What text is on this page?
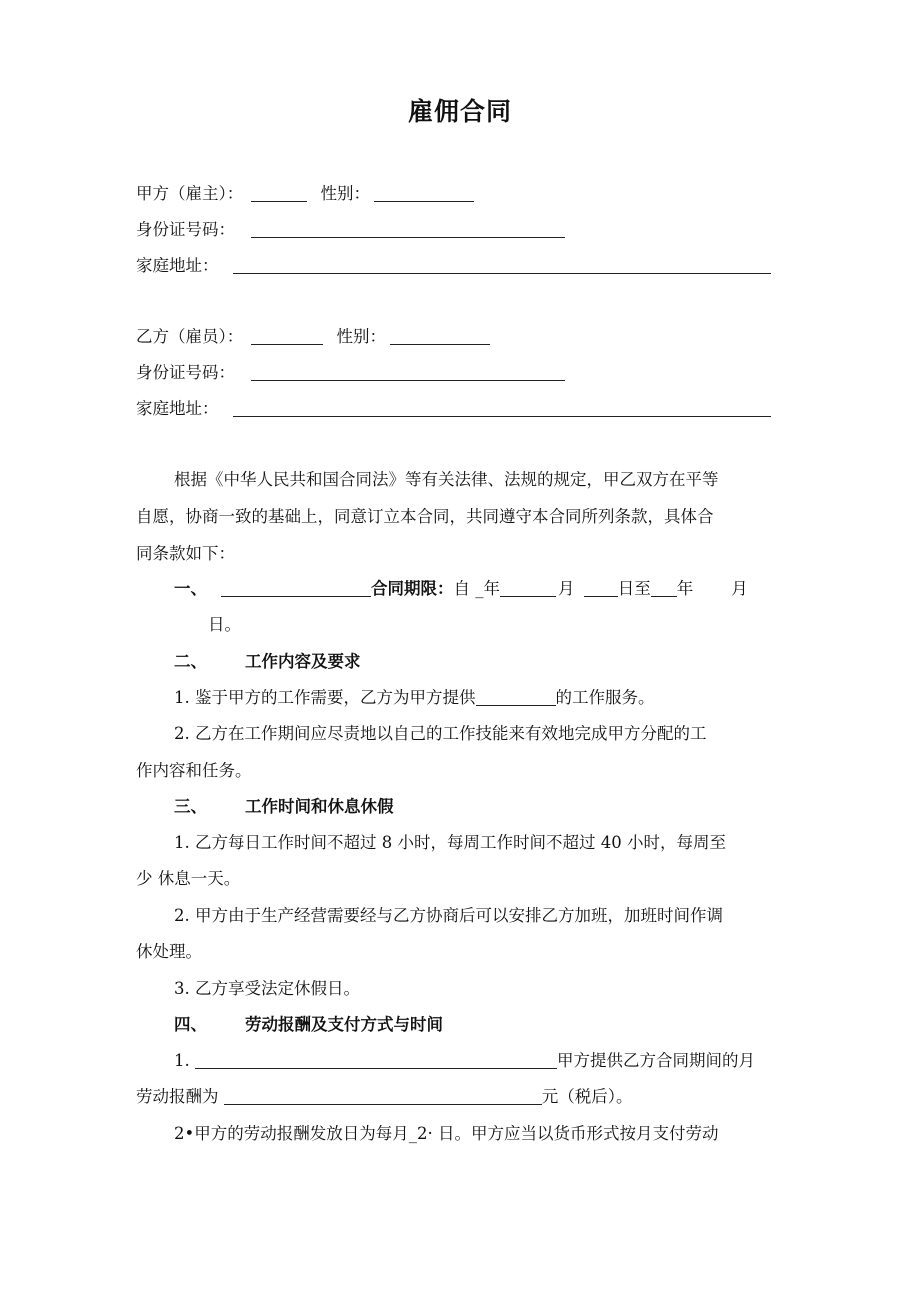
雇佣合同
甲方（雇主）：	性别：
身份证号码：
家庭地址：
乙方（雇员）：	性别：
身份证号码：
家庭地址：
根据《中华人民共和国合同法》等有关法律、法规的规定，甲乙双方在平等
自愿，协商一致的基础上，同意订立本合同，共同遵守本合同所列条款，具体合
同条款如下：
一、	合同期限：自 _年	月 日至 年 月
日。
二、 工作内容及要求
1. 鉴于甲方的工作需要，乙方为甲方提供	的工作服务。
2. 乙方在工作期间应尽责地以自己的工作技能来有效地完成甲方分配的工
作内容和任务。
三、 工作时间和休息休假
1. 乙方每日工作时间不超过 8 小时，每周工作时间不超过 40 小时，每周至
少 休息一天。
2. 甲方由于生产经营需要经与乙方协商后可以安排乙方加班，加班时间作调
休处理。
3. 乙方享受法定休假日。
四、 劳动报酬及支付方式与时间
1.	甲方提供乙方合同期间的月
劳动报酬为	元（税后）。
2•甲方的劳动报酬发放日为每月_2· 日。甲方应当以货币形式按月支付劳动
